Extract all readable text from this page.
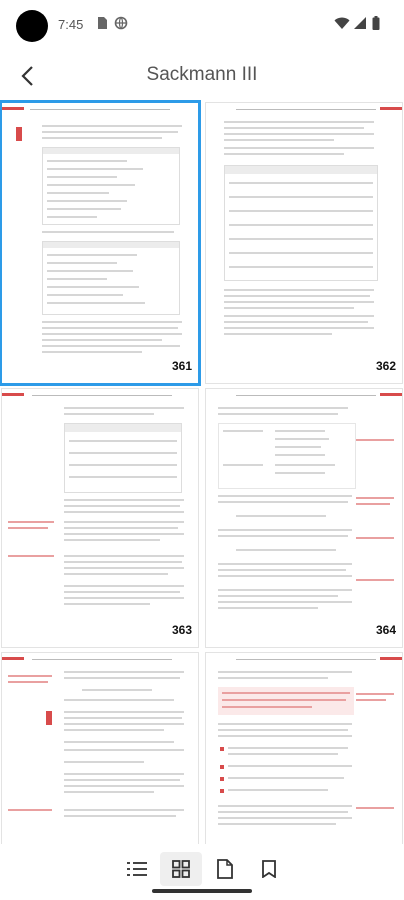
7:45
Sackmann III
361	362
363	364
